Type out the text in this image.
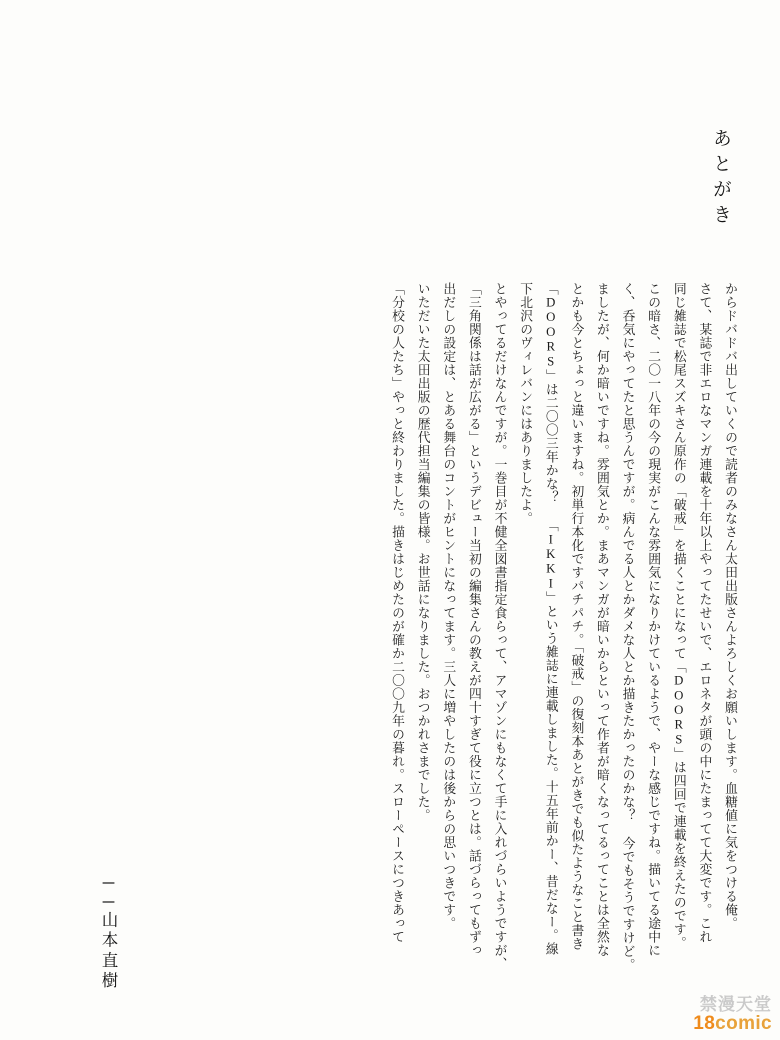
あとがき
「分校の人たち」やっと終わりました。描きはじめたのが確か二〇〇九年の暮れ。スローペースにつきあって いただいた太田出版の歴代担当編集の皆様。お世話になりました。おつかれさまでした。 出だしの設定は、とある舞台のコントがヒントになってます。三人に増やしたのは後からの思いつきです。 「三角関係は話が広がる」というデビュー当初の編集さんの教えが四十すぎて役に立つとは。話づらってもずっ とやってるだけなんですが。一巻目が不健全図書指定食らって、アマゾンにもなくて手に入れづらいようですが、 下北沢のヴィレバンにはありましたよ。 「DOORS」は二〇〇三年かな？ 「IKKI」という雑誌に連載しました。十五年前かー、昔だなー。線 とかも今とちょっと違いますね。初単行本化ですパチパチ。「破戒」の復刻本あとがきでも似たようなこと書き ましたが、何か暗いですね。雰囲気とか。まあマンガが暗いからといって作者が暗くなってるってことは全然な く、呑気にやってたと思うんですが。病んでる人とかダメな人とか描きたかったのかな？ 今でもそうですけど。 この暗さ、二〇一八年の今の現実がこんな雰囲気になりかけているようで、やーな感じですね。描いてる途中に 同じ雑誌で松尾スズキさん原作の「破戒」を描くことになって「DOORS」は四回で連載を終えたのです。 さて、某誌で非エロなマンガ連載を十年以上やってたせいで、エロネタが頭の中にたまってて大変です。これ からドバドバ出していくので読者のみなさん太田出版さんよろしくお願いします。血糖値に気をつける俺。
──山本直樹
禁漫天堂
18comic
